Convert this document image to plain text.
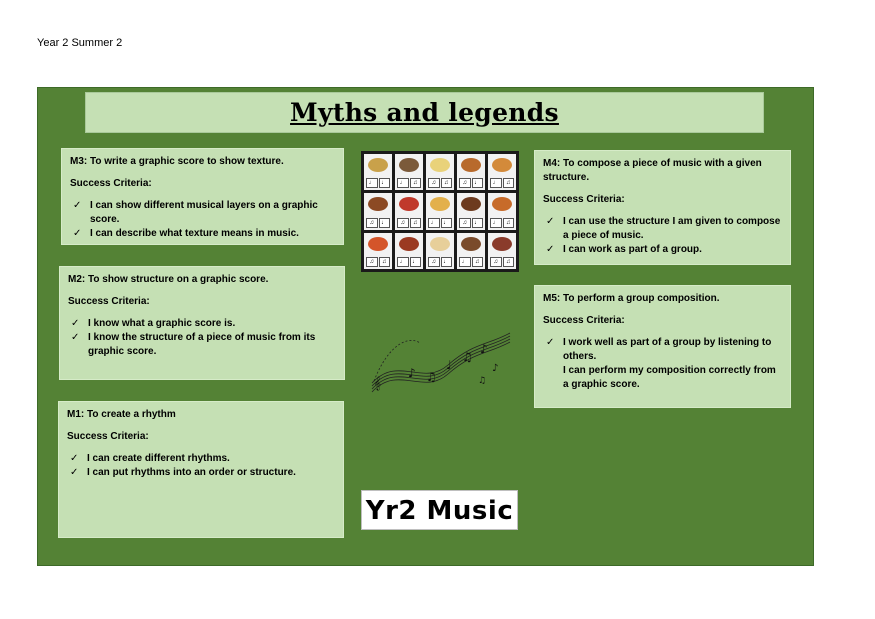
Year 2 Summer 2
Myths and legends
M3: To write a graphic score to show texture.
Success Criteria:
✓ I can show different musical layers on a graphic score.
✓ I can describe what texture means in music.
M2: To show structure on a graphic score.
Success Criteria:
✓ I know what a graphic score is.
✓ I know the structure of a piece of music from its graphic score.
M1: To create a rhythm
Success Criteria:
✓ I can create different rhythms.
✓ I can put rhythms into an order or structure.
M4: To compose a piece of music with a given structure.
Success Criteria:
✓ I can use the structure I am given to compose a piece of music.
✓ I can work as part of a group.
M5: To perform a group composition.
Success Criteria:
✓ I work well as part of a group by listening to others.
I can perform my composition correctly from a graphic score.
♩	♩	♩	♫	♫	♫	♫	♩	♩	♫
♫	♩	♫	♫	♩	♩	♫	♩	♩	♫
♫	♫	♩	♩	♫	♩	♩	♫	♫	♫
𝄞
♪ ♫
♩
♫
♪
♪
♫
Yr2 Music
